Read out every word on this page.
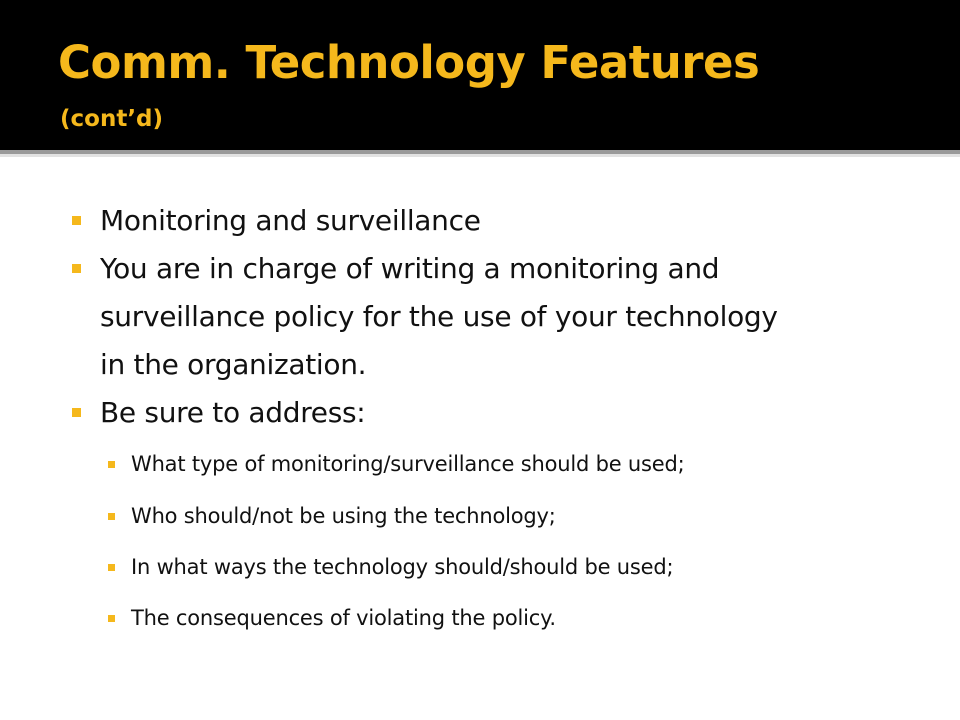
Comm. Technology Features
(cont’d)
Monitoring and surveillance
You are in charge of writing a monitoring and
surveillance policy for the use of your technology
in the organization.
Be sure to address:
What type of monitoring/surveillance should be used;
Who should/not be using the technology;
In what ways the technology should/should be used;
The consequences of violating the policy.
